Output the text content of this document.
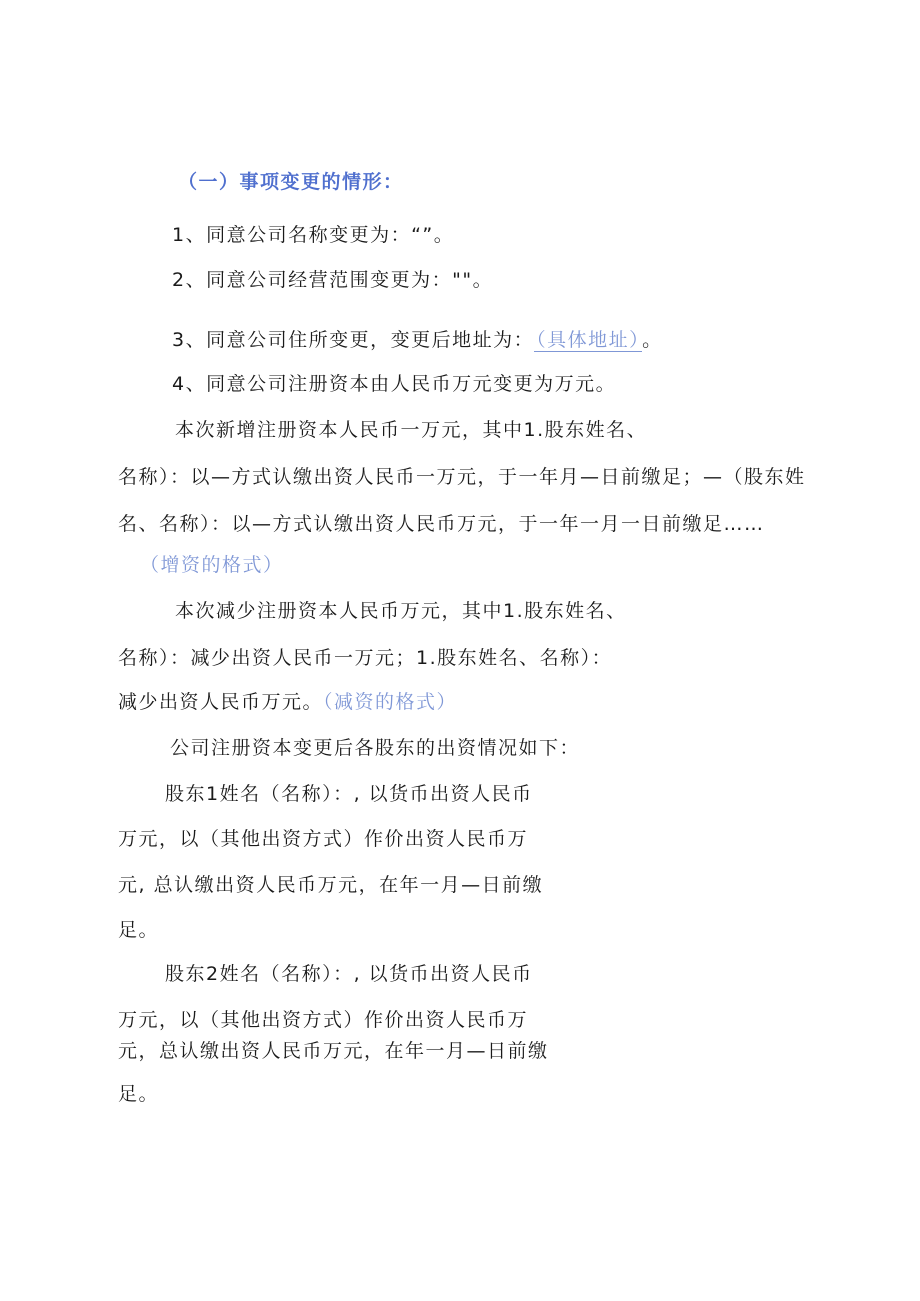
（一）事项变更的情形：
1、同意公司名称变更为：“”。
2、同意公司经营范围变更为：""。
3、同意公司住所变更，变更后地址为： （具体地址） 。
4、同意公司注册资本由人民币万元变更为万元。
本次新增注册资本人民币一万元，其中1.股东姓名、
名称）：以—方式认缴出资人民币一万元，于一年月—日前缴足；—（股东姓
名、名称）：以—方式认缴出资人民币万元，于一年一月一日前缴足……
（增资的格式）
本次减少注册资本人民币万元，其中1.股东姓名、
名称）：减少出资人民币一万元；1.股东姓名、名称）：
减少出资人民币万元。（减资的格式）
公司注册资本变更后各股东的出资情况如下：
股东1姓名（名称）：, 以货币出资人民币
万元，以（其他出资方式）作价出资人民币万
元, 总认缴出资人民币万元，在年一月—日前缴
足。
股东2姓名（名称）：, 以货币出资人民币
万元，以（其他出资方式）作价出资人民币万
元，总认缴出资人民币万元，在年一月—日前缴
足。
